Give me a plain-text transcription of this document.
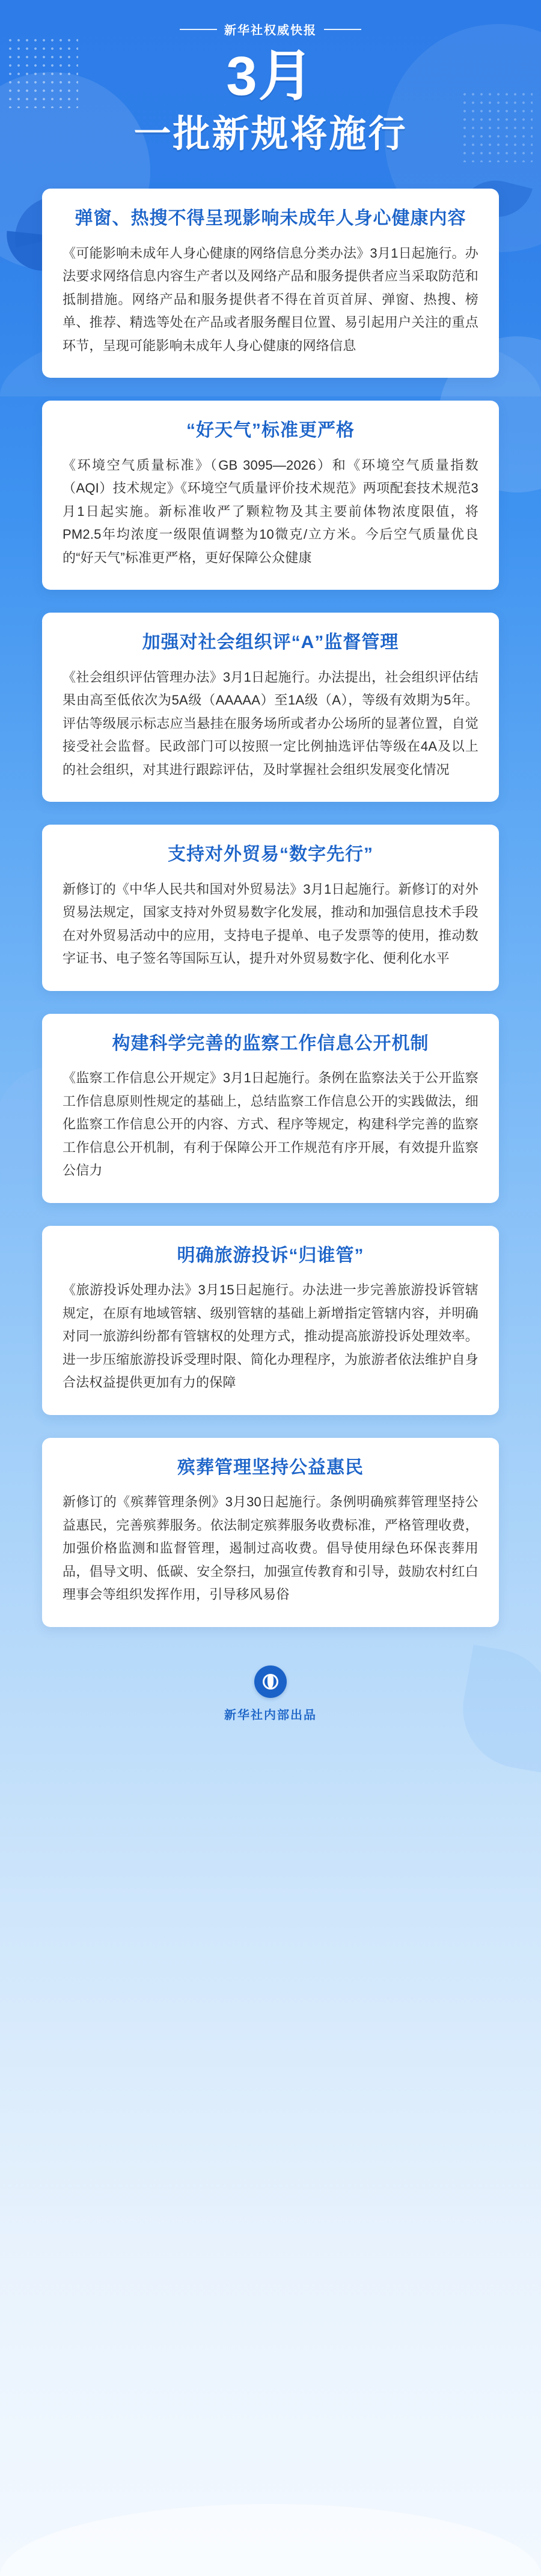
新华社权威快报
3月
一批新规将施行
弹窗、热搜不得呈现影响未成年人身心健康内容
《可能影响未成年人身心健康的网络信息分类办法》3月1日起施行。办法要求网络信息内容生产者以及网络产品和服务提供者应当采取防范和抵制措施。网络产品和服务提供者不得在首页首屏、弹窗、热搜、榜单、推荐、精选等处在产品或者服务醒目位置、易引起用户关注的重点环节，呈现可能影响未成年人身心健康的网络信息
“好天气”标准更严格
《环境空气质量标准》（GB 3095—2026）和《环境空气质量指数（AQI）技术规定》《环境空气质量评价技术规范》两项配套技术规范3月1日起实施。新标准收严了颗粒物及其主要前体物浓度限值，将PM2.5年均浓度一级限值调整为10微克/立方米。今后空气质量优良的“好天气”标准更严格，更好保障公众健康
加强对社会组织评“A”监督管理
《社会组织评估管理办法》3月1日起施行。办法提出，社会组织评估结果由高至低依次为5A级（AAAAA）至1A级（A），等级有效期为5年。评估等级展示标志应当悬挂在服务场所或者办公场所的显著位置，自觉接受社会监督。民政部门可以按照一定比例抽选评估等级在4A及以上的社会组织，对其进行跟踪评估，及时掌握社会组织发展变化情况
支持对外贸易“数字先行”
新修订的《中华人民共和国对外贸易法》3月1日起施行。新修订的对外贸易法规定，国家支持对外贸易数字化发展，推动和加强信息技术手段在对外贸易活动中的应用，支持电子提单、电子发票等的使用，推动数字证书、电子签名等国际互认，提升对外贸易数字化、便利化水平
构建科学完善的监察工作信息公开机制
《监察工作信息公开规定》3月1日起施行。条例在监察法关于公开监察工作信息原则性规定的基础上，总结监察工作信息公开的实践做法，细化监察工作信息公开的内容、方式、程序等规定，构建科学完善的监察工作信息公开机制，有利于保障公开工作规范有序开展，有效提升监察公信力
明确旅游投诉“归谁管”
《旅游投诉处理办法》3月15日起施行。办法进一步完善旅游投诉管辖规定，在原有地域管辖、级别管辖的基础上新增指定管辖内容，并明确对同一旅游纠纷都有管辖权的处理方式，推动提高旅游投诉处理效率。进一步压缩旅游投诉受理时限、简化办理程序，为旅游者依法维护自身合法权益提供更加有力的保障
殡葬管理坚持公益惠民
新修订的《殡葬管理条例》3月30日起施行。条例明确殡葬管理坚持公益惠民，完善殡葬服务。依法制定殡葬服务收费标准，严格管理收费，加强价格监测和监督管理，遏制过高收费。倡导使用绿色环保丧葬用品，倡导文明、低碳、安全祭扫，加强宣传教育和引导，鼓励农村红白理事会等组织发挥作用，引导移风易俗
新华社内部出品
